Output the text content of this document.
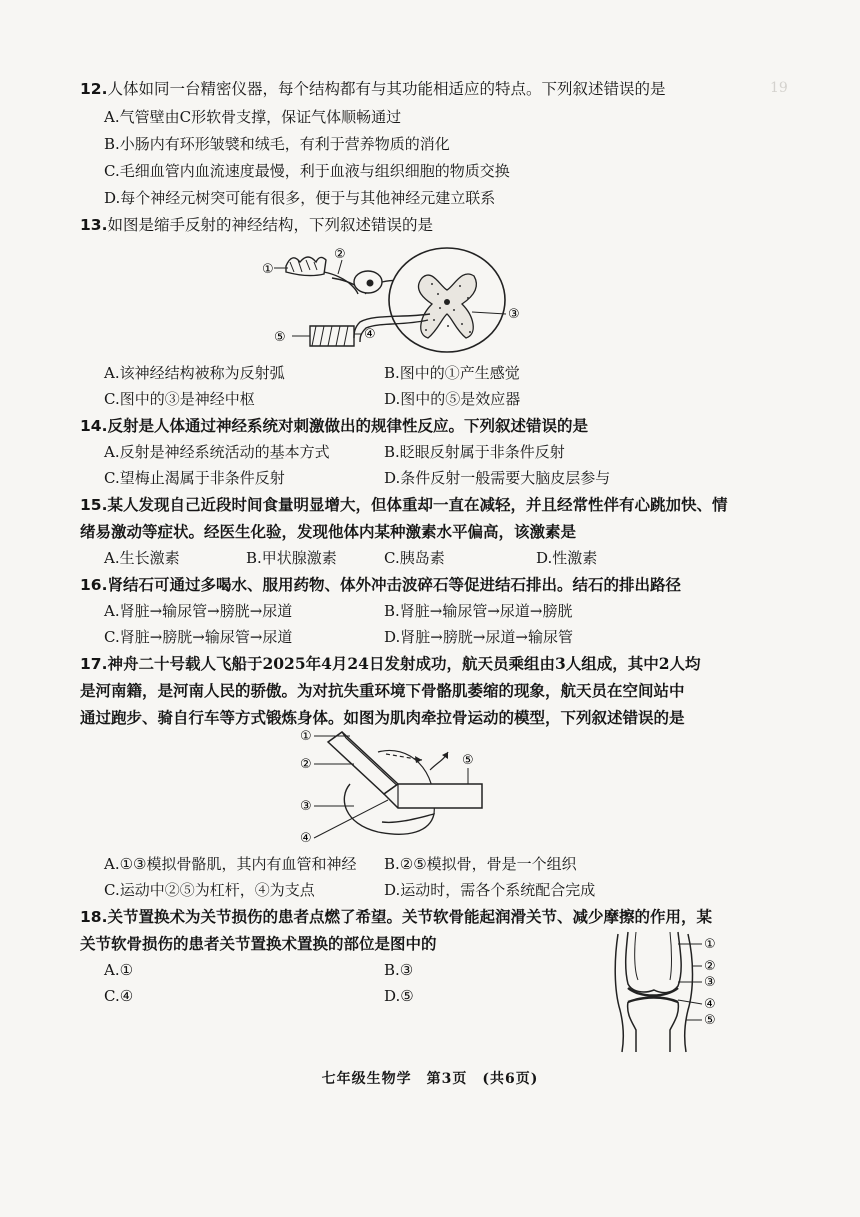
19
12.人体如同一台精密仪器，每个结构都有与其功能相适应的特点。下列叙述错误的是
A.气管壁由C形软骨支撑，保证气体顺畅通过
B.小肠内有环形皱襞和绒毛，有利于营养物质的消化
C.毛细血管内血流速度最慢，利于血液与组织细胞的物质交换
D.每个神经元树突可能有很多，便于与其他神经元建立联系
13.如图是缩手反射的神经结构，下列叙述错误的是
①
②
③
④
⑤
A.该神经结构被称为反射弧	B.图中的①产生感觉
C.图中的③是神经中枢	D.图中的⑤是效应器
14.反射是人体通过神经系统对刺激做出的规律性反应。下列叙述错误的是
A.反射是神经系统活动的基本方式	B.眨眼反射属于非条件反射
C.望梅止渴属于非条件反射	D.条件反射一般需要大脑皮层参与
15.某人发现自己近段时间食量明显增大，但体重却一直在减轻，并且经常性伴有心跳加快、情
绪易激动等症状。经医生化验，发现他体内某种激素水平偏高，该激素是
A.生长激素	B.甲状腺激素	C.胰岛素	D.性激素
16.肾结石可通过多喝水、服用药物、体外冲击波碎石等促进结石排出。结石的排出路径
A.肾脏→输尿管→膀胱→尿道	B.肾脏→输尿管→尿道→膀胱
C.肾脏→膀胱→输尿管→尿道	D.肾脏→膀胱→尿道→输尿管
17.神舟二十号载人飞船于2025年4月24日发射成功，航天员乘组由3人组成，其中2人均
是河南籍，是河南人民的骄傲。为对抗失重环境下骨骼肌萎缩的现象，航天员在空间站中
通过跑步、骑自行车等方式锻炼身体。如图为肌肉牵拉骨运动的模型，下列叙述错误的是
①
②
③
④
⑤
A.①③模拟骨骼肌，其内有血管和神经 B.②⑤模拟骨，骨是一个组织
C.运动中②⑤为杠杆，④为支点	D.运动时，需各个系统配合完成
18.关节置换术为关节损伤的患者点燃了希望。关节软骨能起润滑关节、减少摩擦的作用，某
关节软骨损伤的患者关节置换术置换的部位是图中的
A.①	B.③
C.④	D.⑤
①
②
③
④
⑤
七年级生物学　第3页　(共6页)
